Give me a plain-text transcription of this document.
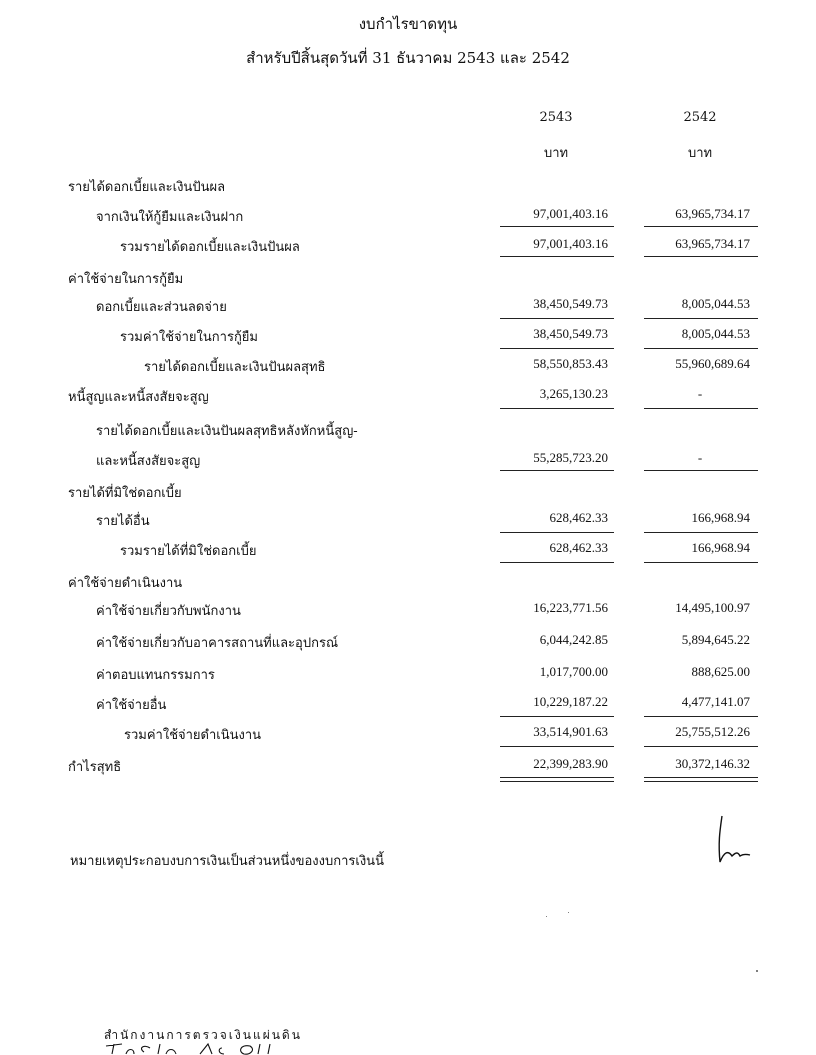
งบกำไรขาดทุน
สำหรับปีสิ้นสุดวันที่ 31 ธันวาคม 2543 และ 2542
2543	2542
บาท	บาท
รายได้ดอกเบี้ยและเงินปันผล
จากเงินให้กู้ยืมและเงินฝาก	97,001,403.16	63,965,734.17
รวมรายได้ดอกเบี้ยและเงินปันผล	97,001,403.16	63,965,734.17
ค่าใช้จ่ายในการกู้ยืม
ดอกเบี้ยและส่วนลดจ่าย	38,450,549.73	8,005,044.53
รวมค่าใช้จ่ายในการกู้ยืม	38,450,549.73	8,005,044.53
รายได้ดอกเบี้ยและเงินปันผลสุทธิ	58,550,853.43	55,960,689.64
หนี้สูญและหนี้สงสัยจะสูญ	3,265,130.23	-
รายได้ดอกเบี้ยและเงินปันผลสุทธิหลังหักหนี้สูญ-
และหนี้สงสัยจะสูญ	55,285,723.20	-
รายได้ที่มิใช่ดอกเบี้ย
รายได้อื่น	628,462.33	166,968.94
รวมรายได้ที่มิใช่ดอกเบี้ย	628,462.33	166,968.94
ค่าใช้จ่ายดำเนินงาน
ค่าใช้จ่ายเกี่ยวกับพนักงาน	16,223,771.56	14,495,100.97
ค่าใช้จ่ายเกี่ยวกับอาคารสถานที่และอุปกรณ์	6,044,242.85	5,894,645.22
ค่าตอบแทนกรรมการ	1,017,700.00	888,625.00
ค่าใช้จ่ายอื่น	10,229,187.22	4,477,141.07
รวมค่าใช้จ่ายดำเนินงาน	33,514,901.63	25,755,512.26
กำไรสุทธิ	22,399,283.90	30,372,146.32
หมายเหตุประกอบงบการเงินเป็นส่วนหนึ่งของงบการเงินนี้
สำนักงานการตรวจเงินแผ่นดิน
